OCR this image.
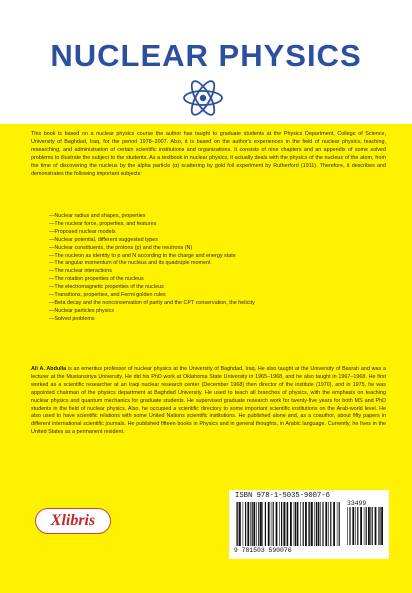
NUCLEAR PHYSICS

This book is based on a nuclear physics course the author has taught to graduate students at the Physics Department, College of Science, University of Baghdad, Iraq, for the period 1978–2007. Also, it is based on the author's experiences in the field of nuclear physics, teaching, researching, and administration of certain scientific institutions and organizations. It consists of nine chapters and an appendix of some solved problems to illustrate the subject to the students. As a textbook in nuclear physics, it actually deals with the physics of the nucleus of the atom, from the time of discovering the nucleus by the alpha particle (α) scattering by gold foil experiment by Rutherford (1911). Therefore, it describes and demonstrates the following important subjects:

—Nuclear radius and shapes, properties
—The nuclear force, properties, and features
—Proposed nuclear models
—Nuclear potential, different suggested types
—Nuclear constituents, the protons (p) and the neutrons (N)
—The nucleon as identity to p and N according to the charge and energy state
—The angular momentum of the nucleus and its quadruple moment
—The nuclear interactions
—The rotation properties of the nucleus
—The electromagnetic properties of the nucleus
—Transitions, properties, and Fermi golden rules
—Beta decay and the nonconservation of parity and the CPT conservation, the helicity
—Nuclear particles physics
—Solved problems

Ali A. Abdulla is an emeritus professor of nuclear physics at the University of Baghdad, Iraq. He also taught at the University of Basrah and was a lecturer at the Mustansiriya University. He did his PhD work at Oklahoma State University in 1965–1968, and he also taught in 1967–1968. He first worked as a scientific researcher at an Iraqi nuclear research center (December 1968) then director of the institute (1970), and in 1975, he was appointed chairman of the physics department at Baghdad University. He used to teach all branches of physics, with the emphasis on teaching nuclear physics and quantum mechanics for graduate students. He supervised graduate research work for twenty-five years for both MS and PhD students in the field of nuclear physics. Also, he occupied a scientific directory to some important scientific institutions on the Arab-world level. He also used to have scientific relations with some United Nations scientific institutions. He published alone and, as a coauthor, about fifty papers in different international scientific journals. He published fifteen books in Physics and in general thoughts, in Arabic language. Currently, he lives in the United States as a permanent resident.

Xlibris
ISBN 978-1-5035-9007-6
9 781503 590076
33499
